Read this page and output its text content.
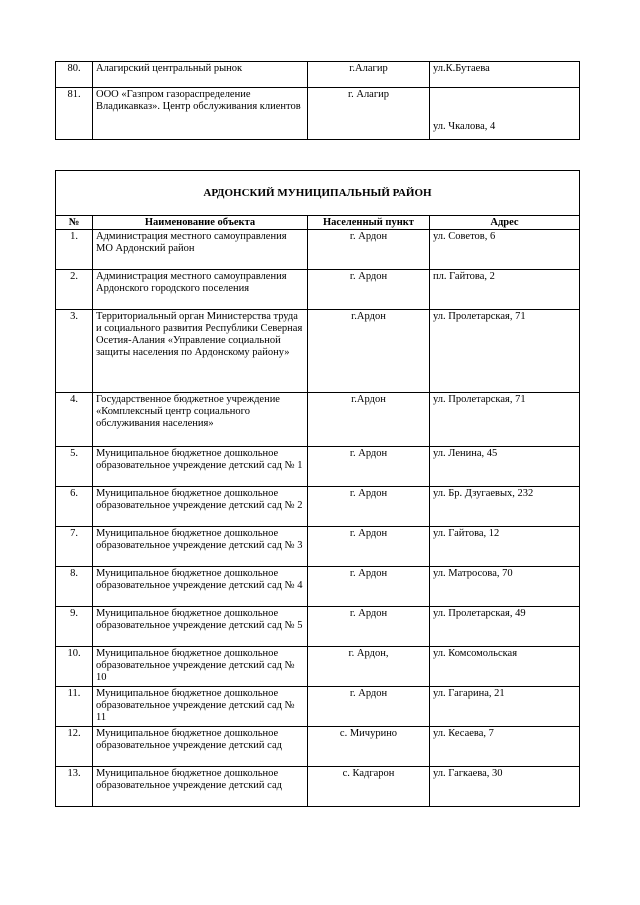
80.	Алагирский центральный рынок	г.Алагир	ул.К.Бутаева
81.	ООО «Газпром газораспределение Владикавказ». Центр обслуживания клиентов	г. Алагир	ул. Чкалова, 4
АРДОНСКИЙ МУНИЦИПАЛЬНЫЙ РАЙОН			
№	Наименование объекта	Населенный пункт	Адрес
1.	Администрация местного самоуправления МО Ардонский район	г. Ардон	ул. Советов, 6
2.	Администрация местного самоуправления Ардонского городского поселения	г. Ардон	пл. Гайтова, 2
3.	Территориальный орган Министерства труда и социального развития Республики Северная Осетия-Алания «Управление социальной защиты населения по Ардонскому району»	г.Ардон	ул. Пролетарская, 71
4.	Государственное бюджетное учреждение «Комплексный центр социального обслуживания населения»	г.Ардон	ул. Пролетарская, 71
5.	Муниципальное бюджетное дошкольное образовательное учреждение детский сад № 1	г. Ардон	ул. Ленина, 45
6.	Муниципальное бюджетное дошкольное образовательное учреждение детский сад № 2	г. Ардон	ул. Бр. Дзугаевых, 232
7.	Муниципальное бюджетное дошкольное образовательное учреждение детский сад № 3	г. Ардон	ул. Гайтова, 12
8.	Муниципальное бюджетное дошкольное образовательное учреждение детский сад № 4	г. Ардон	ул. Матросова, 70
9.	Муниципальное бюджетное дошкольное образовательное учреждение детский сад № 5	г. Ардон	ул. Пролетарская, 49
10.	Муниципальное бюджетное дошкольное образовательное учреждение детский сад № 10	г. Ардон,	ул. Комсомольская
11.	Муниципальное бюджетное дошкольное образовательное учреждение детский сад № 11	г. Ардон	ул. Гагарина, 21
12.	Муниципальное бюджетное дошкольное образовательное учреждение детский сад	с. Мичурино	ул. Кесаева, 7
13.	Муниципальное бюджетное дошкольное образовательное учреждение детский сад	с. Кадгарон	ул. Гагкаева, 30
